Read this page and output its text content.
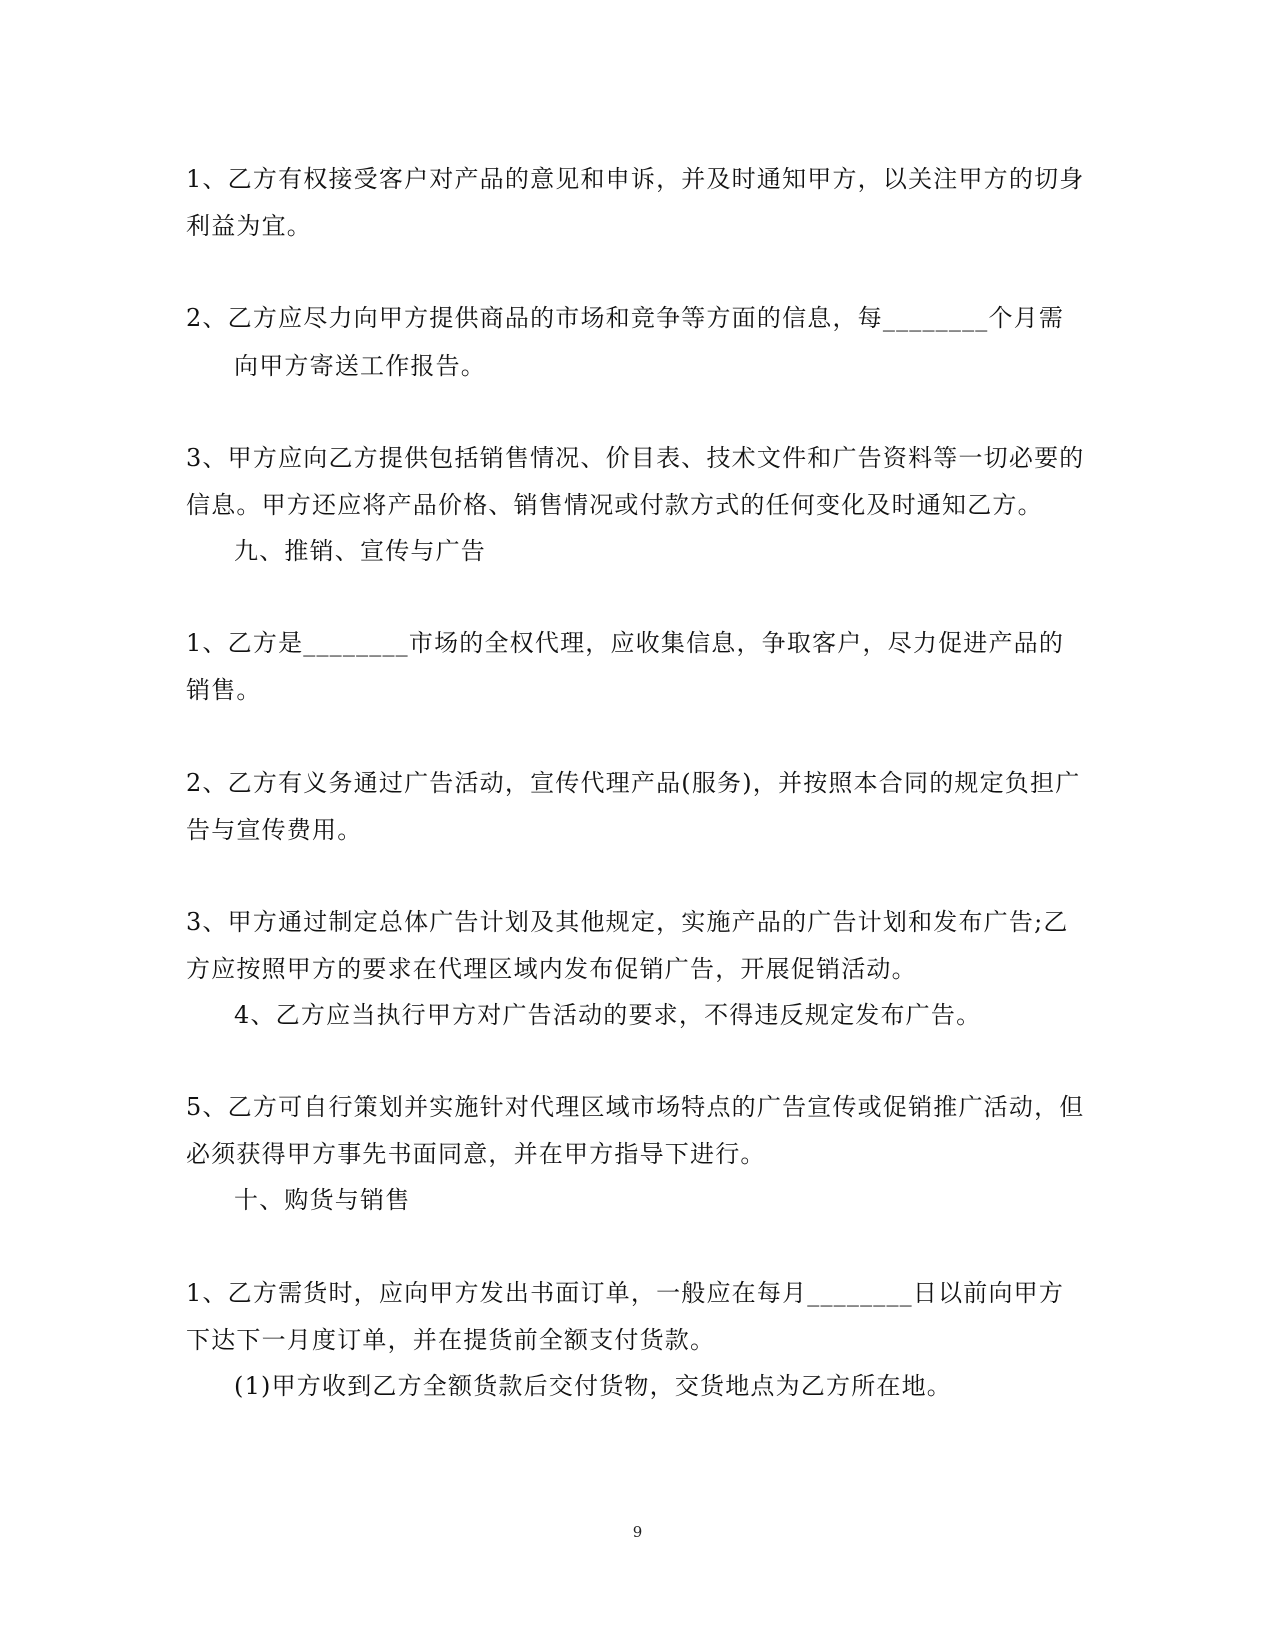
1、乙方有权接受客户对产品的意见和申诉，并及时通知甲方，以关注甲方的切身
利益为宜。
2、乙方应尽力向甲方提供商品的市场和竞争等方面的信息，每________个月需
向甲方寄送工作报告。
3、甲方应向乙方提供包括销售情况、价目表、技术文件和广告资料等一切必要的
信息。甲方还应将产品价格、销售情况或付款方式的任何变化及时通知乙方。
九、推销、宣传与广告
1、乙方是________市场的全权代理，应收集信息，争取客户，尽力促进产品的
销售。
2、乙方有义务通过广告活动，宣传代理产品(服务)，并按照本合同的规定负担广
告与宣传费用。
3、甲方通过制定总体广告计划及其他规定，实施产品的广告计划和发布广告;乙
方应按照甲方的要求在代理区域内发布促销广告，开展促销活动。
4、乙方应当执行甲方对广告活动的要求，不得违反规定发布广告。
5、乙方可自行策划并实施针对代理区域市场特点的广告宣传或促销推广活动，但
必须获得甲方事先书面同意，并在甲方指导下进行。
十、购货与销售
1、乙方需货时，应向甲方发出书面订单，一般应在每月________日以前向甲方
下达下一月度订单，并在提货前全额支付货款。
(1)甲方收到乙方全额货款后交付货物，交货地点为乙方所在地。
9
